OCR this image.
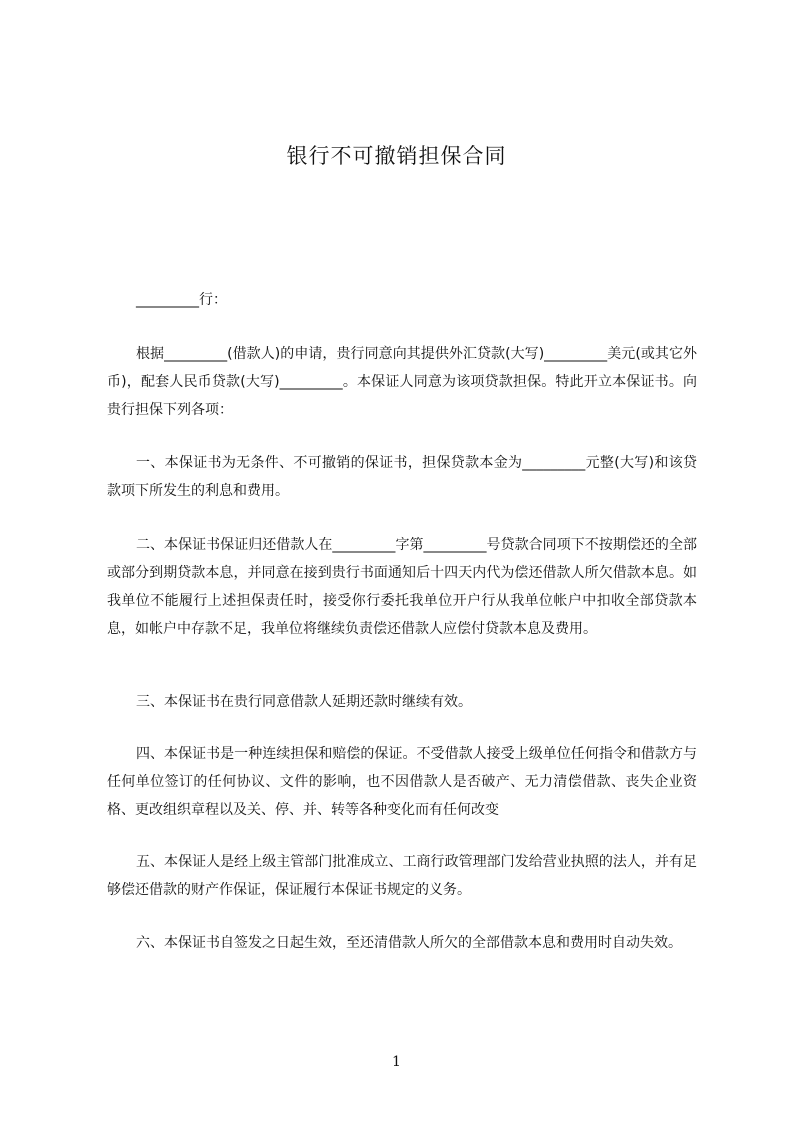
银行不可撤销担保合同

_________行：

根据_________(借款人)的申请，贵行同意向其提供外汇贷款(大写)_________美元(或其它外币)，配套人民币贷款(大写)_________。本保证人同意为该项贷款担保。特此开立本保证书。向贵行担保下列各项：

一、本保证书为无条件、不可撤销的保证书，担保贷款本金为_________元整(大写)和该贷款项下所发生的利息和费用。

二、本保证书保证归还借款人在_________字第_________号贷款合同项下不按期偿还的全部或部分到期贷款本息，并同意在接到贵行书面通知后十四天内代为偿还借款人所欠借款本息。如我单位不能履行上述担保责任时，接受你行委托我单位开户行从我单位帐户中扣收全部贷款本息，如帐户中存款不足，我单位将继续负责偿还借款人应偿付贷款本息及费用。

三、本保证书在贵行同意借款人延期还款时继续有效。

四、本保证书是一种连续担保和赔偿的保证。不受借款人接受上级单位任何指令和借款方与任何单位签订的任何协议、文件的影响，也不因借款人是否破产、无力清偿借款、丧失企业资格、更改组织章程以及关、停、并、转等各种变化而有任何改变

五、本保证人是经上级主管部门批准成立、工商行政管理部门发给营业执照的法人，并有足够偿还借款的财产作保证，保证履行本保证书规定的义务。

六、本保证书自签发之日起生效，至还清借款人所欠的全部借款本息和费用时自动失效。

1
